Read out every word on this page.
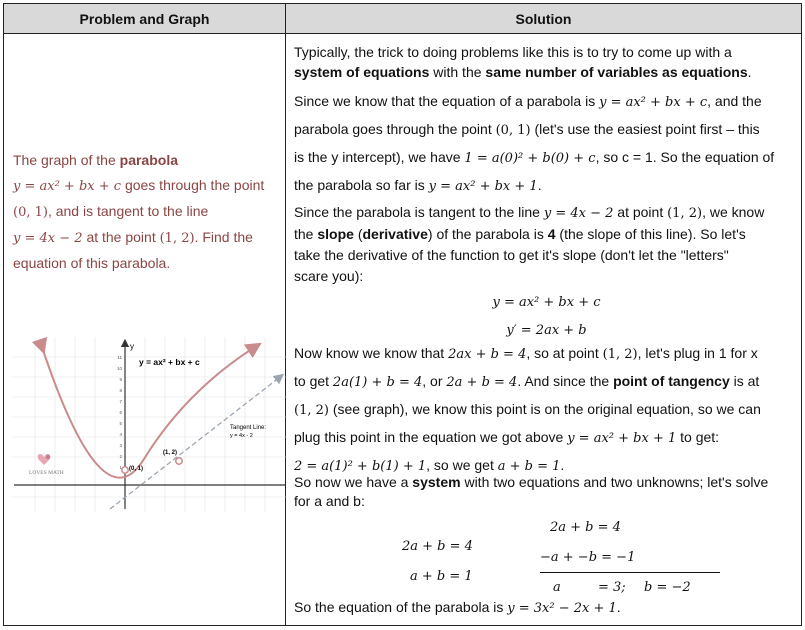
Problem and Graph	Solution
The graph of the parabola
y = ax² + bx + c goes through the point
(0, 1), and is tangent to the line
y = 4x − 2 at the point (1, 2). Find the equation of this parabola.
y
11
10
9
8
7
6
5
4
3
2
1
y = ax² + bx + c
(0, 1)
(1, 2)
Tangent Line:
y = 4x - 2
LOVES MATH
Typically, the trick to doing problems like this is to try to come up with a
system of equations with the same number of variables as equations.
Since we know that the equation of a parabola is y = ax² + bx + c, and the
parabola goes through the point (0, 1) (let's use the easiest point first – this
is the y intercept), we have 1 = a(0)² + b(0) + c, so c = 1. So the equation of
the parabola so far is y = ax² + bx + 1.
Since the parabola is tangent to the line y = 4x − 2 at point (1, 2), we know
the slope (derivative) of the parabola is 4 (the slope of this line). So let's
take the derivative of the function to get it's slope (don't let the "letters"
scare you):
y = ax² + bx + c
y′ = 2ax + b
Now know we know that 2ax + b = 4, so at point (1, 2), let's plug in 1 for x
to get 2a(1) + b = 4, or 2a + b = 4. And since the point of tangency is at
(1, 2) (see graph), we know this point is on the original equation, so we can
plug this point in the equation we got above y = ax² + bx + 1 to get:
2 = a(1)² + b(1) + 1, so we get a + b = 1.
So now we have a system with two equations and two unknowns; let's solve
for a and b:
2a + b = 4
a + b = 1
2a + b = 4
−a + −b = −1
a	= 3; b = −2
So the equation of the parabola is y = 3x² − 2x + 1.
